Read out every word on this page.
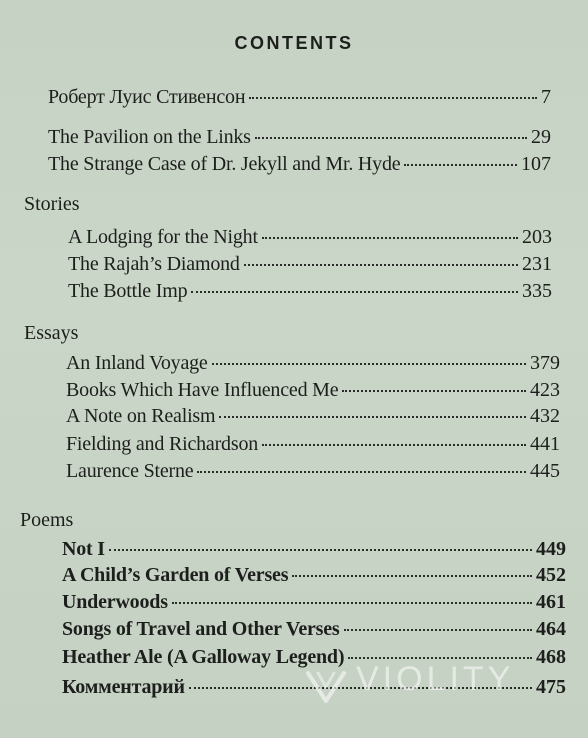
CONTENTS
Роберт Луис Стивенсон	7
The Pavilion on the Links	29
The Strange Case of Dr. Jekyll and Mr. Hyde	107
Stories
A Lodging for the Night	203
The Rajah’s Diamond	231
The Bottle Imp	335
Essays
An Inland Voyage	379
Books Which Have Influenced Me	423
A Note on Realism	432
Fielding and Richardson	441
Laurence Sterne	445
Poems
Not I	449
A Child’s Garden of Verses	452
Underwoods	461
Songs of Travel and Other Verses	464
Heather Ale (A Galloway Legend)	468
Комментарий	475
VIOLITY
